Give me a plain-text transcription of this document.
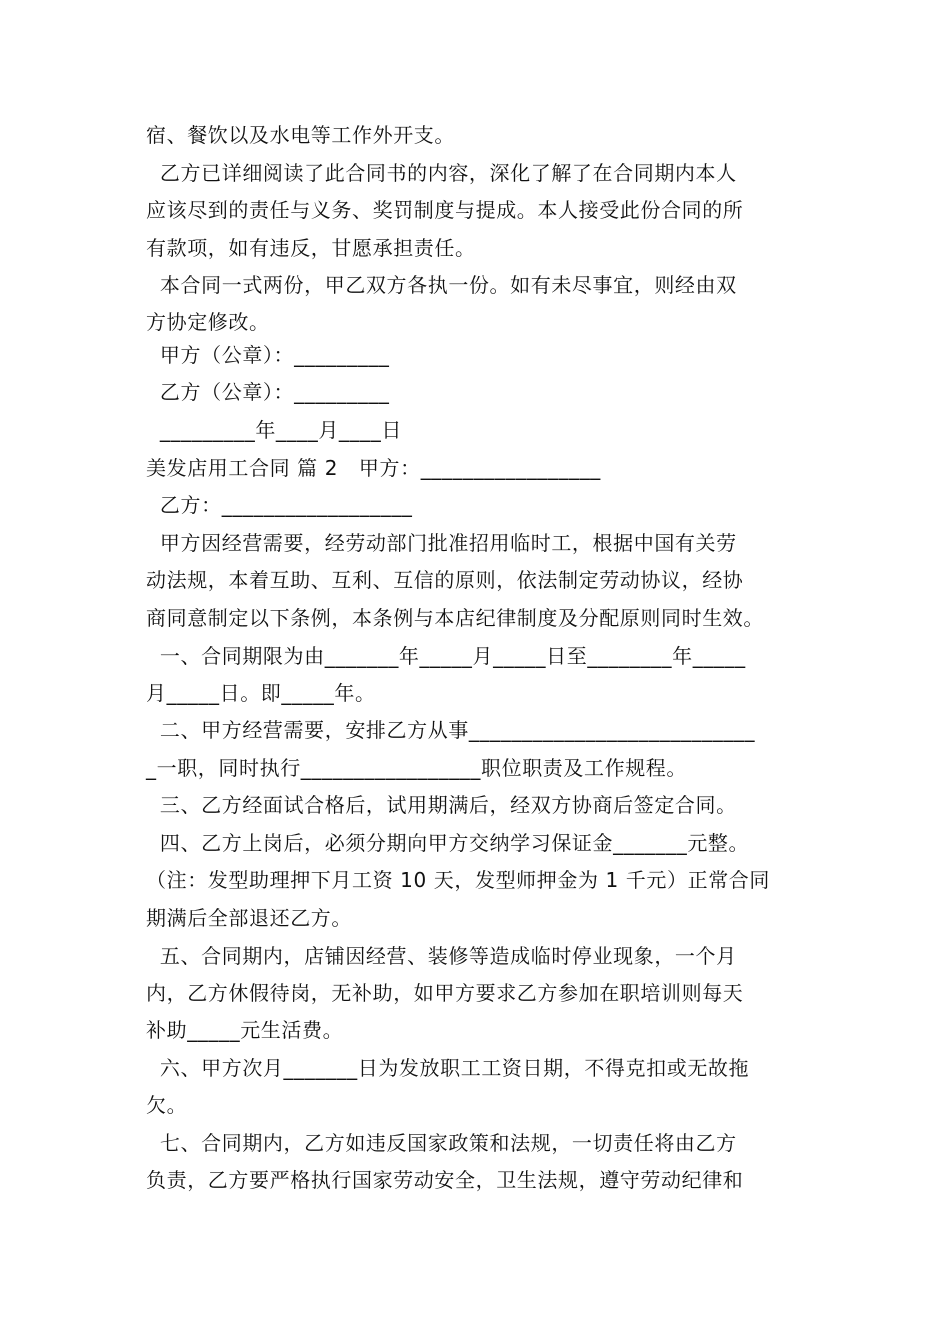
宿、餐饮以及水电等工作外开支。
乙方已详细阅读了此合同书的内容，深化了解了在合同期内本人
应该尽到的责任与义务、奖罚制度与提成。本人接受此份合同的所
有款项，如有违反，甘愿承担责任。
本合同一式两份，甲乙双方各执一份。如有未尽事宜，则经由双
方协定修改。
甲方（公章）：_________
乙方（公章）：_________
_________年____月____日
美发店用工合同 篇 2   甲方：_________________
乙方：__________________
甲方因经营需要，经劳动部门批准招用临时工，根据中国有关劳
动法规，本着互助、互利、互信的原则，依法制定劳动协议，经协
商同意制定以下条例，本条例与本店纪律制度及分配原则同时生效。
一、合同期限为由_______年_____月_____日至________年_____
月_____日。即_____年。
二、甲方经营需要，安排乙方从事___________________________
_一职，同时执行_________________职位职责及工作规程。
三、乙方经面试合格后，试用期满后，经双方协商后签定合同。
四、乙方上岗后，必须分期向甲方交纳学习保证金_______元整。
（注：发型助理押下月工资 10 天，发型师押金为 1 千元）正常合同
期满后全部退还乙方。
五、合同期内，店铺因经营、装修等造成临时停业现象，一个月
内，乙方休假待岗，无补助，如甲方要求乙方参加在职培训则每天
补助_____元生活费。
六、甲方次月_______日为发放职工工资日期，不得克扣或无故拖
欠。
七、合同期内，乙方如违反国家政策和法规，一切责任将由乙方
负责，乙方要严格执行国家劳动安全，卫生法规，遵守劳动纪律和
